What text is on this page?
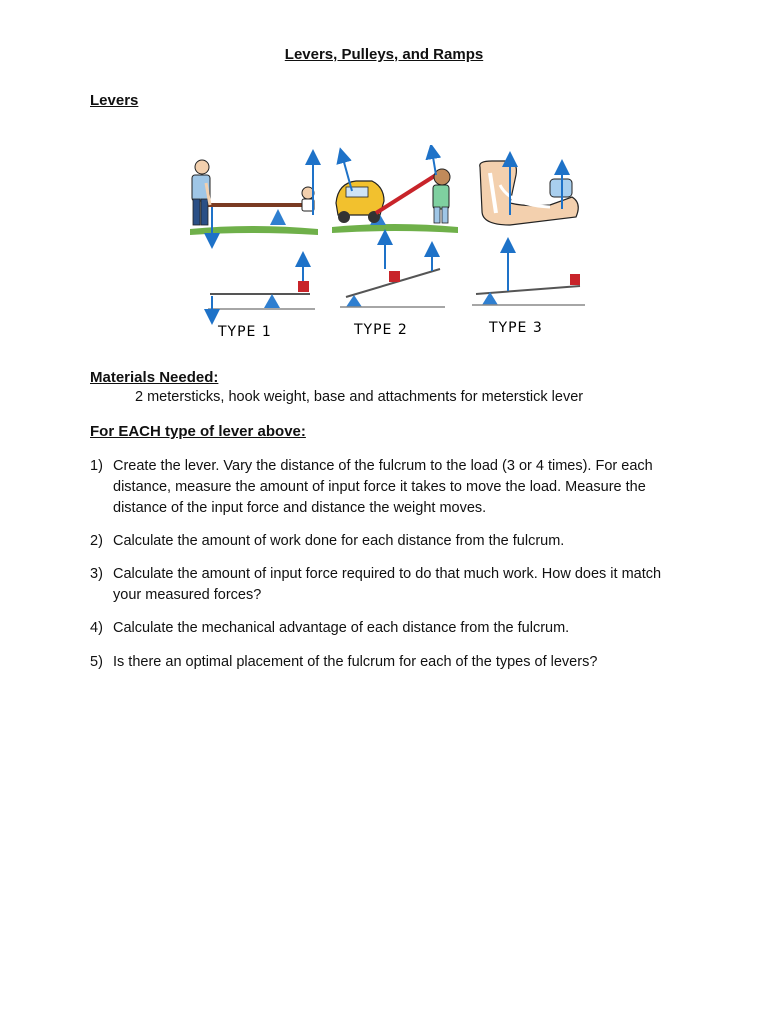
Levers, Pulleys, and Ramps
Levers
TYPE 1	TYPE 2	TYPE 3
Materials Needed:
2 metersticks, hook weight, base and attachments for meterstick lever
For EACH type of lever above:
1) Create the lever. Vary the distance of the fulcrum to the load (3 or 4 times). For each distance, measure the amount of input force it takes to move the load. Measure the distance of the input force and distance the weight moves.
2) Calculate the amount of work done for each distance from the fulcrum.
3) Calculate the amount of input force required to do that much work. How does it match your measured forces?
4) Calculate the mechanical advantage of each distance from the fulcrum.
5) Is there an optimal placement of the fulcrum for each of the types of levers?
